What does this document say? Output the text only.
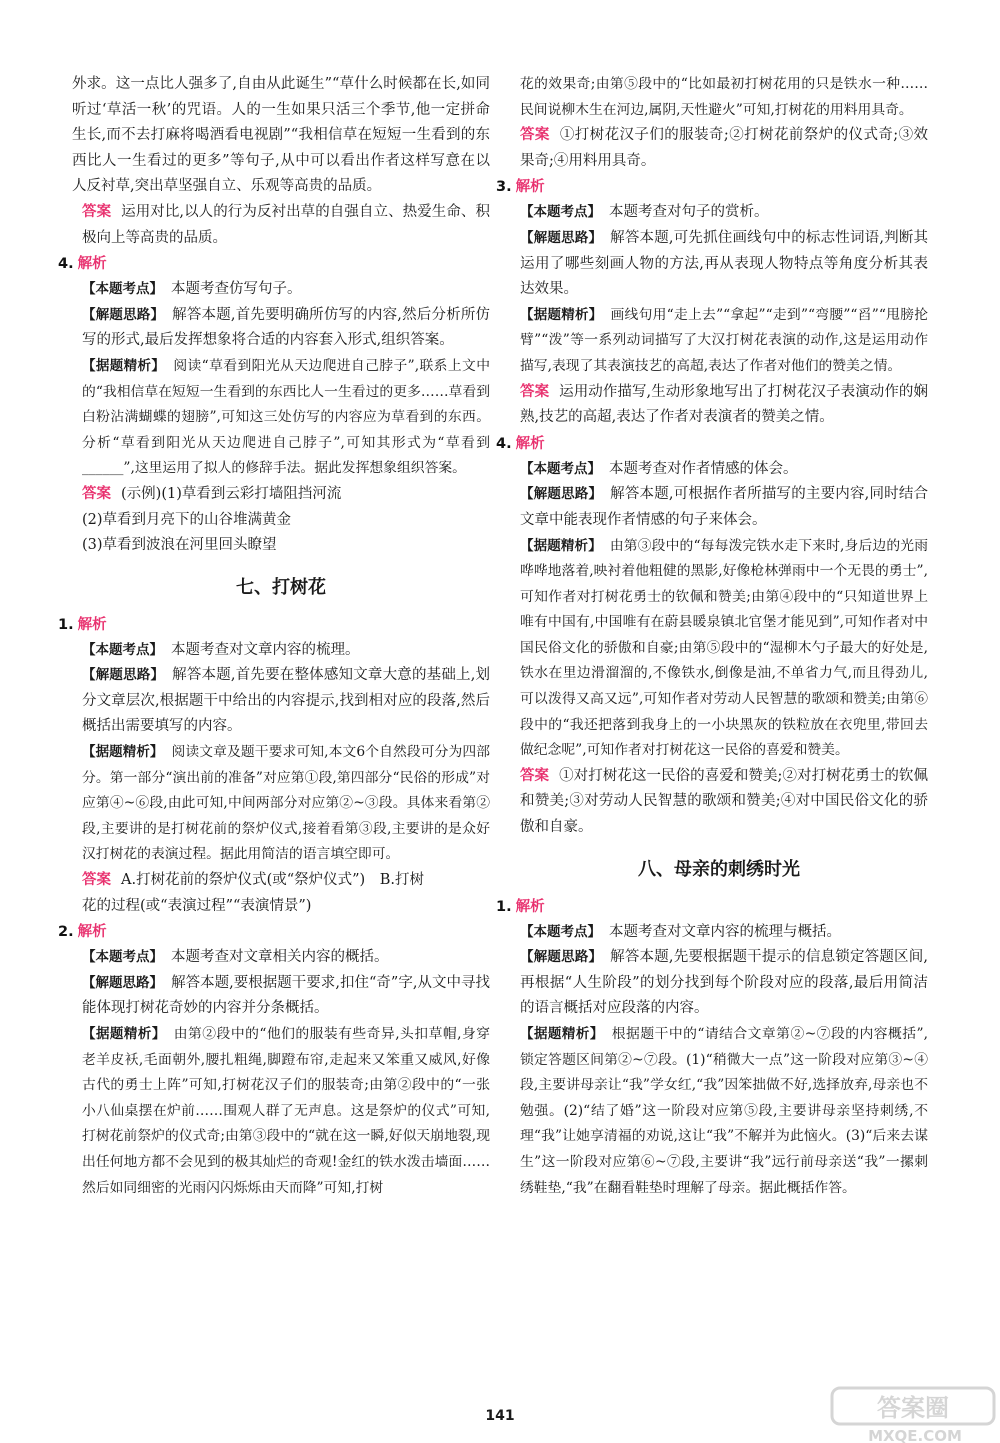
外求。这一点比人强多了,自由从此诞生”“草什么时候都在长,如同听过‘草活一秋’的咒语。人的一生如果只活三个季节,他一定拼命生长,而不去打麻将喝酒看电视剧”“我相信草在短短一生看到的东西比人一生看过的更多”等句子,从中可以看出作者这样写意在以人反衬草,突出草坚强自立、乐观等高贵的品质。

答案 运用对比,以人的行为反衬出草的自强自立、热爱生命、积极向上等高贵的品质。

4. 解析

【本题考点】 本题考查仿写句子。

【解题思路】 解答本题,首先要明确所仿写的内容,然后分析所仿写的形式,最后发挥想象将合适的内容套入形式,组织答案。

【据题精析】 阅读“草看到阳光从天边爬进自己脖子”,联系上文中的“我相信草在短短一生看到的东西比人一生看过的更多……草看到白粉沾满蝴蝶的翅膀”,可知这三处仿写的内容应为草看到的东西。分析“草看到阳光从天边爬进自己脖子”,可知其形式为“草看到______”,这里运用了拟人的修辞手法。据此发挥想象组织答案。

答案 (示例)(1)草看到云彩打墙阻挡河流

(2)草看到月亮下的山谷堆满黄金

(3)草看到波浪在河里回头瞭望

七、打树花
1. 解析

【本题考点】 本题考查对文章内容的梳理。

【解题思路】 解答本题,首先要在整体感知文章大意的基础上,划分文章层次,根据题干中给出的内容提示,找到相对应的段落,然后概括出需要填写的内容。

【据题精析】 阅读文章及题干要求可知,本文6个自然段可分为四部分。第一部分“演出前的准备”对应第①段,第四部分“民俗的形成”对应第④~⑥段,由此可知,中间两部分对应第②~③段。具体来看第②段,主要讲的是打树花前的祭炉仪式,接着看第③段,主要讲的是众好汉打树花的表演过程。据此用简洁的语言填空即可。

答案 A.打树花前的祭炉仪式(或“祭炉仪式”)　B.打树

花的过程(或“表演过程”“表演情景”)

2. 解析

【本题考点】 本题考查对文章相关内容的概括。

【解题思路】 解答本题,要根据题干要求,扣住“奇”字,从文中寻找能体现打树花奇妙的内容并分条概括。

【据题精析】 由第②段中的“他们的服装有些奇异,头扣草帽,身穿老羊皮袄,毛面朝外,腰扎粗绳,脚蹬布帘,走起来又笨重又威风,好像古代的勇士上阵”可知,打树花汉子们的服装奇;由第②段中的“一张小八仙桌摆在炉前……围观人群了无声息。这是祭炉的仪式”可知,打树花前祭炉的仪式奇;由第③段中的“就在这一瞬,好似天崩地裂,现出任何地方都不会见到的极其灿烂的奇观!金红的铁水泼击墙面……然后如同细密的光雨闪闪烁烁由天而降”可知,打树

花的效果奇;由第⑤段中的“比如最初打树花用的只是铁水一种……民间说柳木生在河边,属阴,天性避火”可知,打树花的用料用具奇。

答案 ①打树花汉子们的服装奇;②打树花前祭炉的仪式奇;③效果奇;④用料用具奇。

3. 解析

【本题考点】 本题考查对句子的赏析。

【解题思路】 解答本题,可先抓住画线句中的标志性词语,判断其运用了哪些刻画人物的方法,再从表现人物特点等角度分析其表达效果。

【据题精析】 画线句用“走上去”“拿起”“走到”“弯腰”“舀”“甩膀抡臂”“泼”等一系列动词描写了大汉打树花表演的动作,这是运用动作描写,表现了其表演技艺的高超,表达了作者对他们的赞美之情。

答案 运用动作描写,生动形象地写出了打树花汉子表演动作的娴熟,技艺的高超,表达了作者对表演者的赞美之情。

4. 解析

【本题考点】 本题考查对作者情感的体会。

【解题思路】 解答本题,可根据作者所描写的主要内容,同时结合文章中能表现作者情感的句子来体会。

【据题精析】 由第③段中的“每每泼完铁水走下来时,身后边的光雨哗哗地落着,映衬着他粗健的黑影,好像枪林弹雨中一个无畏的勇士”,可知作者对打树花勇士的钦佩和赞美;由第④段中的“只知道世界上唯有中国有,中国唯有在蔚县暖泉镇北官堡才能见到”,可知作者对中国民俗文化的骄傲和自豪;由第⑤段中的“湿柳木勺子最大的好处是,铁水在里边滑溜溜的,不像铁水,倒像是油,不单省力气,而且得劲儿,可以泼得又高又远”,可知作者对劳动人民智慧的歌颂和赞美;由第⑥段中的“我还把落到我身上的一小块黑灰的铁粒放在衣兜里,带回去做纪念呢”,可知作者对打树花这一民俗的喜爱和赞美。

答案 ①对打树花这一民俗的喜爱和赞美;②对打树花勇士的钦佩和赞美;③对劳动人民智慧的歌颂和赞美;④对中国民俗文化的骄傲和自豪。

八、母亲的刺绣时光
1. 解析

【本题考点】 本题考查对文章内容的梳理与概括。

【解题思路】 解答本题,先要根据题干提示的信息锁定答题区间,再根据“人生阶段”的划分找到每个阶段对应的段落,最后用简洁的语言概括对应段落的内容。

【据题精析】 根据题干中的“请结合文章第②~⑦段的内容概括”,锁定答题区间第②~⑦段。(1)“稍微大一点”这一阶段对应第③~④段,主要讲母亲让“我”学女红,“我”因笨拙做不好,选择放弃,母亲也不勉强。(2)“结了婚”这一阶段对应第⑤段,主要讲母亲坚持刺绣,不理“我”让她享清福的劝说,这让“我”不解并为此恼火。(3)“后来去谋生”这一阶段对应第⑥~⑦段,主要讲“我”远行前母亲送“我”一摞刺绣鞋垫,“我”在翻看鞋垫时理解了母亲。据此概括作答。

141	答案圈
MXQE.COM
